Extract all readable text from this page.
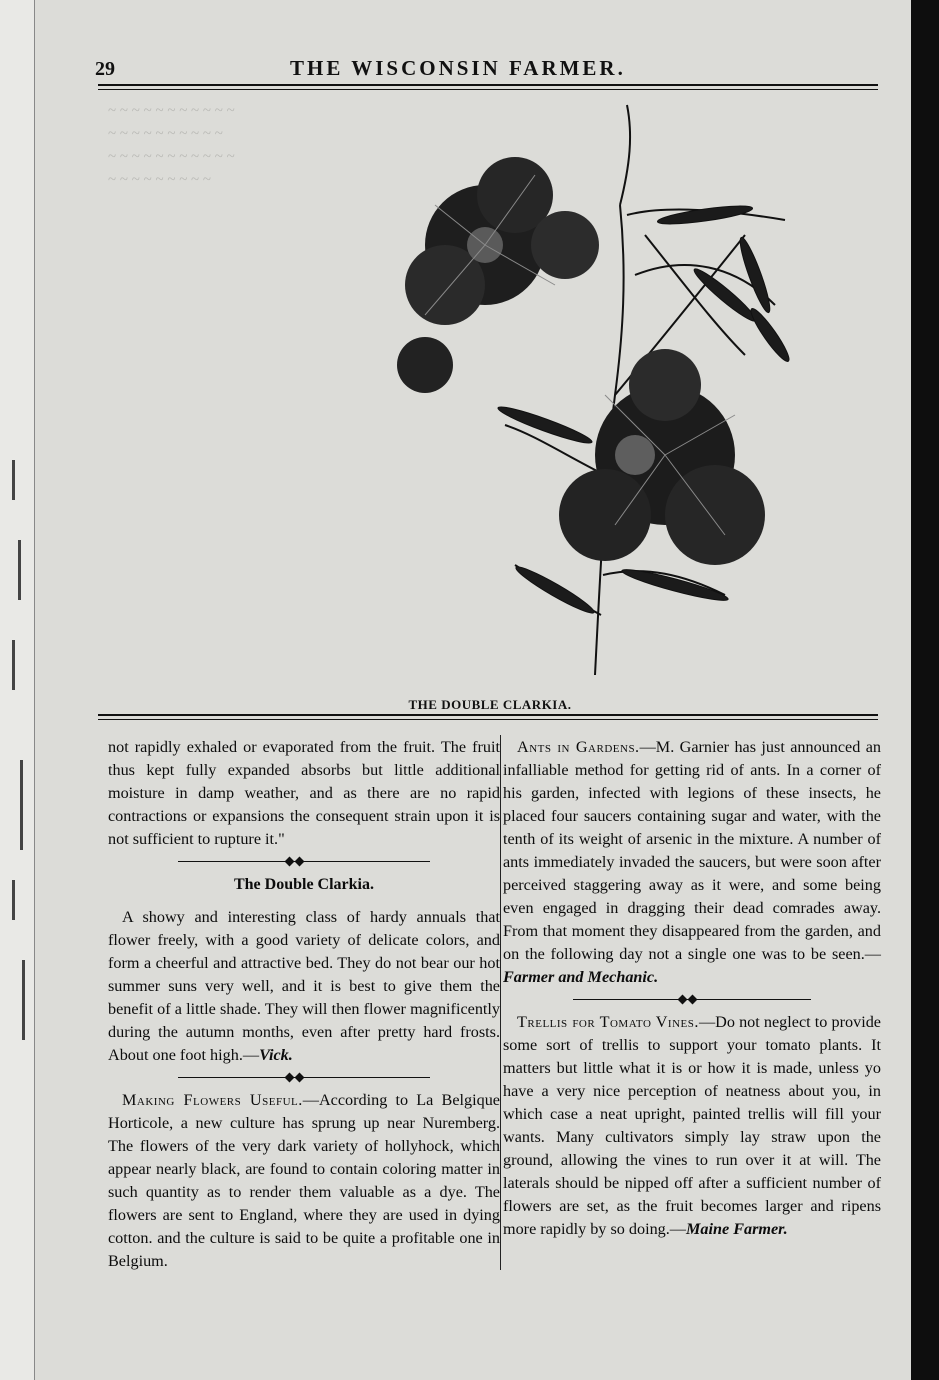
29	THE WISCONSIN FARMER.
~ ~ ~ ~ ~ ~ ~ ~ ~ ~ ~
~ ~ ~ ~ ~ ~ ~ ~ ~ ~
~ ~ ~ ~ ~ ~ ~ ~ ~ ~ ~
~ ~ ~ ~ ~ ~ ~ ~ ~
THE DOUBLE CLARKIA.

not rapidly exhaled or evaporated from the fruit. The fruit thus kept fully expanded absorbs but little additional moisture in damp weather, and as there are no rapid contractions or expansions the consequent strain upon it is not sufficient to rupture it."

The Double Clarkia.

A showy and interesting class of hardy annuals that flower freely, with a good variety of delicate colors, and form a cheerful and attractive bed. They do not bear our hot summer suns very well, and it is best to give them the benefit of a little shade. They will then flower magnificently during the autumn months, even after pretty hard frosts. About one foot high.—Vick.

Making Flowers Useful.—According to La Belgique Horticole, a new culture has sprung up near Nuremberg. The flowers of the very dark variety of hollyhock, which appear nearly black, are found to contain coloring matter in such quantity as to render them valuable as a dye. The flowers are sent to England, where they are used in dying cotton. and the culture is said to be quite a profitable one in Belgium.

Ants in Gardens.—M. Garnier has just announced an infalliable method for getting rid of ants. In a corner of his garden, infected with legions of these insects, he placed four saucers containing sugar and water, with the tenth of its weight of arsenic in the mixture. A number of ants immediately invaded the saucers, but were soon after perceived staggering away as it were, and some being even engaged in dragging their dead comrades away. From that moment they disappeared from the garden, and on the following day not a single one was to be seen.—Farmer and Mechanic.

Trellis for Tomato Vines.—Do not neglect to provide some sort of trellis to support your tomato plants. It matters but little what it is or how it is made, unless yo have a very nice perception of neatness about you, in which case a neat upright, painted trellis will fill your wants. Many cultivators simply lay straw upon the ground, allowing the vines to run over it at will. The laterals should be nipped off after a sufficient number of flowers are set, as the fruit becomes larger and ripens more rapidly by so doing.—Maine Farmer.
